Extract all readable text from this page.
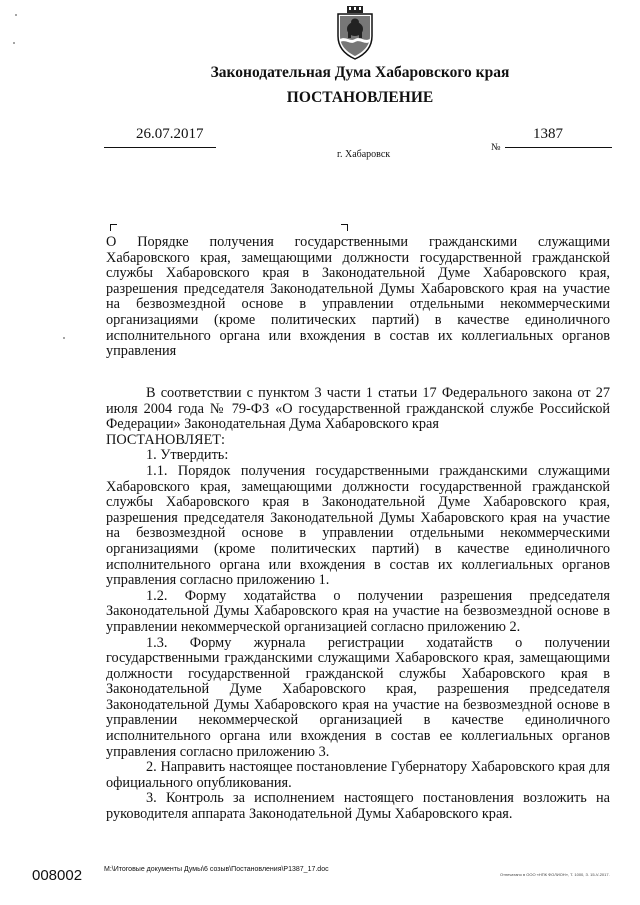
Законодательная Дума Хабаровского края
ПОСТАНОВЛЕНИЕ
26.07.2017
г. Хабаровск
№
1387
О Порядке получения государственными гражданскими служащими Хабаровского края, замещающими должности государственной гражданской службы Хабаровского края в Законодательной Думе Хабаровского края, разрешения председателя Законодательной Думы Хабаровского края на участие на безвозмездной основе в управлении отдельными некоммерческими организациями (кроме политических партий) в качестве единоличного исполнительного органа или вхождения в состав их коллегиальных органов управления

В соответствии с пунктом 3 части 1 статьи 17 Федерального закона от 27 июля 2004 года № 79-ФЗ «О государственной гражданской службе Российской Федерации» Законодательная Дума Хабаровского края

ПОСТАНОВЛЯЕТ:

1. Утвердить:

1.1. Порядок получения государственными гражданскими служащими Хабаровского края, замещающими должности государственной гражданской службы Хабаровского края в Законодательной Думе Хабаровского края, разрешения председателя Законодательной Думы Хабаровского края на участие на безвозмездной основе в управлении отдельными некоммерческими организациями (кроме политических партий) в качестве единоличного исполнительного органа или вхождения в состав их коллегиальных органов управления согласно приложению 1.

1.2. Форму ходатайства о получении разрешения председателя Законодательной Думы Хабаровского края на участие на безвозмездной основе в управлении некоммерческой организацией согласно приложению 2.

1.3. Форму журнала регистрации ходатайств о получении государственными гражданскими служащими Хабаровского края, замещающими должности государственной гражданской службы Хабаровского края в Законодательной Думе Хабаровского края, разрешения председателя Законодательной Думы Хабаровского края на участие на безвозмездной основе в управлении некоммерческой организацией в качестве единоличного исполнительного органа или вхождения в состав ее коллегиальных органов управления согласно приложению 3.

2. Направить настоящее постановление Губернатору Хабаровского края для официального опубликования.

3. Контроль за исполнением настоящего постановления возложить на руководителя аппарата Законодательной Думы Хабаровского края.

008002	M:\Итоговые документы Думы\6 созыв\Постановления\P1387_17.doc
Отпечатано в ООО «НПК ФОЛИОН», Т. 1000, З. 15-V-2017.
